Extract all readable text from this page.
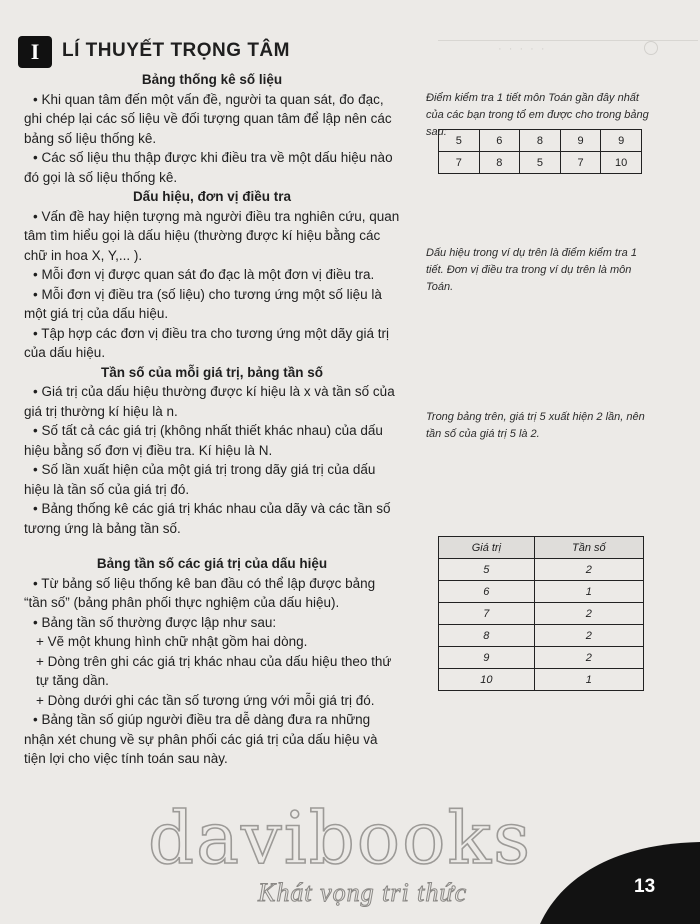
I	LÍ THUYẾT TRỌNG TÂM	· · · · ·
Bảng thống kê số liệu

• Khi quan tâm đến một vấn đề, người ta quan sát, đo đạc, ghi chép lại các số liệu về đối tượng quan tâm để lập nên các bảng số liệu thống kê.

• Các số liệu thu thập được khi điều tra về một dấu hiệu nào đó gọi là số liệu thống kê.

Dấu hiệu, đơn vị điều tra

• Vấn đề hay hiện tượng mà người điều tra nghiên cứu, quan tâm tìm hiểu gọi là dấu hiệu (thường được kí hiệu bằng các chữ in hoa X, Y,... ).

• Mỗi đơn vị được quan sát đo đạc là một đơn vị điều tra.

• Mỗi đơn vị điều tra (số liệu) cho tương ứng một số liệu là một giá trị của dấu hiệu.

• Tập hợp các đơn vị điều tra cho tương ứng một dãy giá trị của dấu hiệu.

Tần số của mỗi giá trị, bảng tần số

• Giá trị của dấu hiệu thường được kí hiệu là x và tần số của giá trị thường kí hiệu là n.

• Số tất cả các giá trị (không nhất thiết khác nhau) của dấu hiệu bằng số đơn vị điều tra. Kí hiệu là N.

• Số lần xuất hiện của một giá trị trong dãy giá trị của dấu hiệu là tần số của giá trị đó.

• Bảng thống kê các giá trị khác nhau của dãy và các tần số tương ứng là bảng tần số.

Bảng tần số các giá trị của dấu hiệu

• Từ bảng số liệu thống kê ban đầu có thể lập được bảng “tần số” (bảng phân phối thực nghiệm của dấu hiệu).

• Bảng tần số thường được lập như sau:

+ Vẽ một khung hình chữ nhật gồm hai dòng.

+ Dòng trên ghi các giá trị khác nhau của dấu hiệu theo thứ tự tăng dần.

+ Dòng dưới ghi các tần số tương ứng với mỗi giá trị đó.

• Bảng tần số giúp người điều tra dễ dàng đưa ra những nhận xét chung về sự phân phối các giá trị của dấu hiệu và tiện lợi cho việc tính toán sau này.

Điểm kiểm tra 1 tiết môn Toán gần đây nhất của các bạn trong tổ em được cho trong bảng sau:
5	6	8	9	9
7	8	5	7	10
Dấu hiệu trong ví dụ trên là điểm kiểm tra 1 tiết. Đơn vị điều tra trong ví dụ trên là môn Toán.
Trong bảng trên, giá trị 5 xuất hiện 2 lần, nên tần số của giá trị 5 là 2.
Giá trị	Tần số
5	2
6	1
7	2
8	2
9	2
10	1
davibooks
Khát vọng tri thức	13
